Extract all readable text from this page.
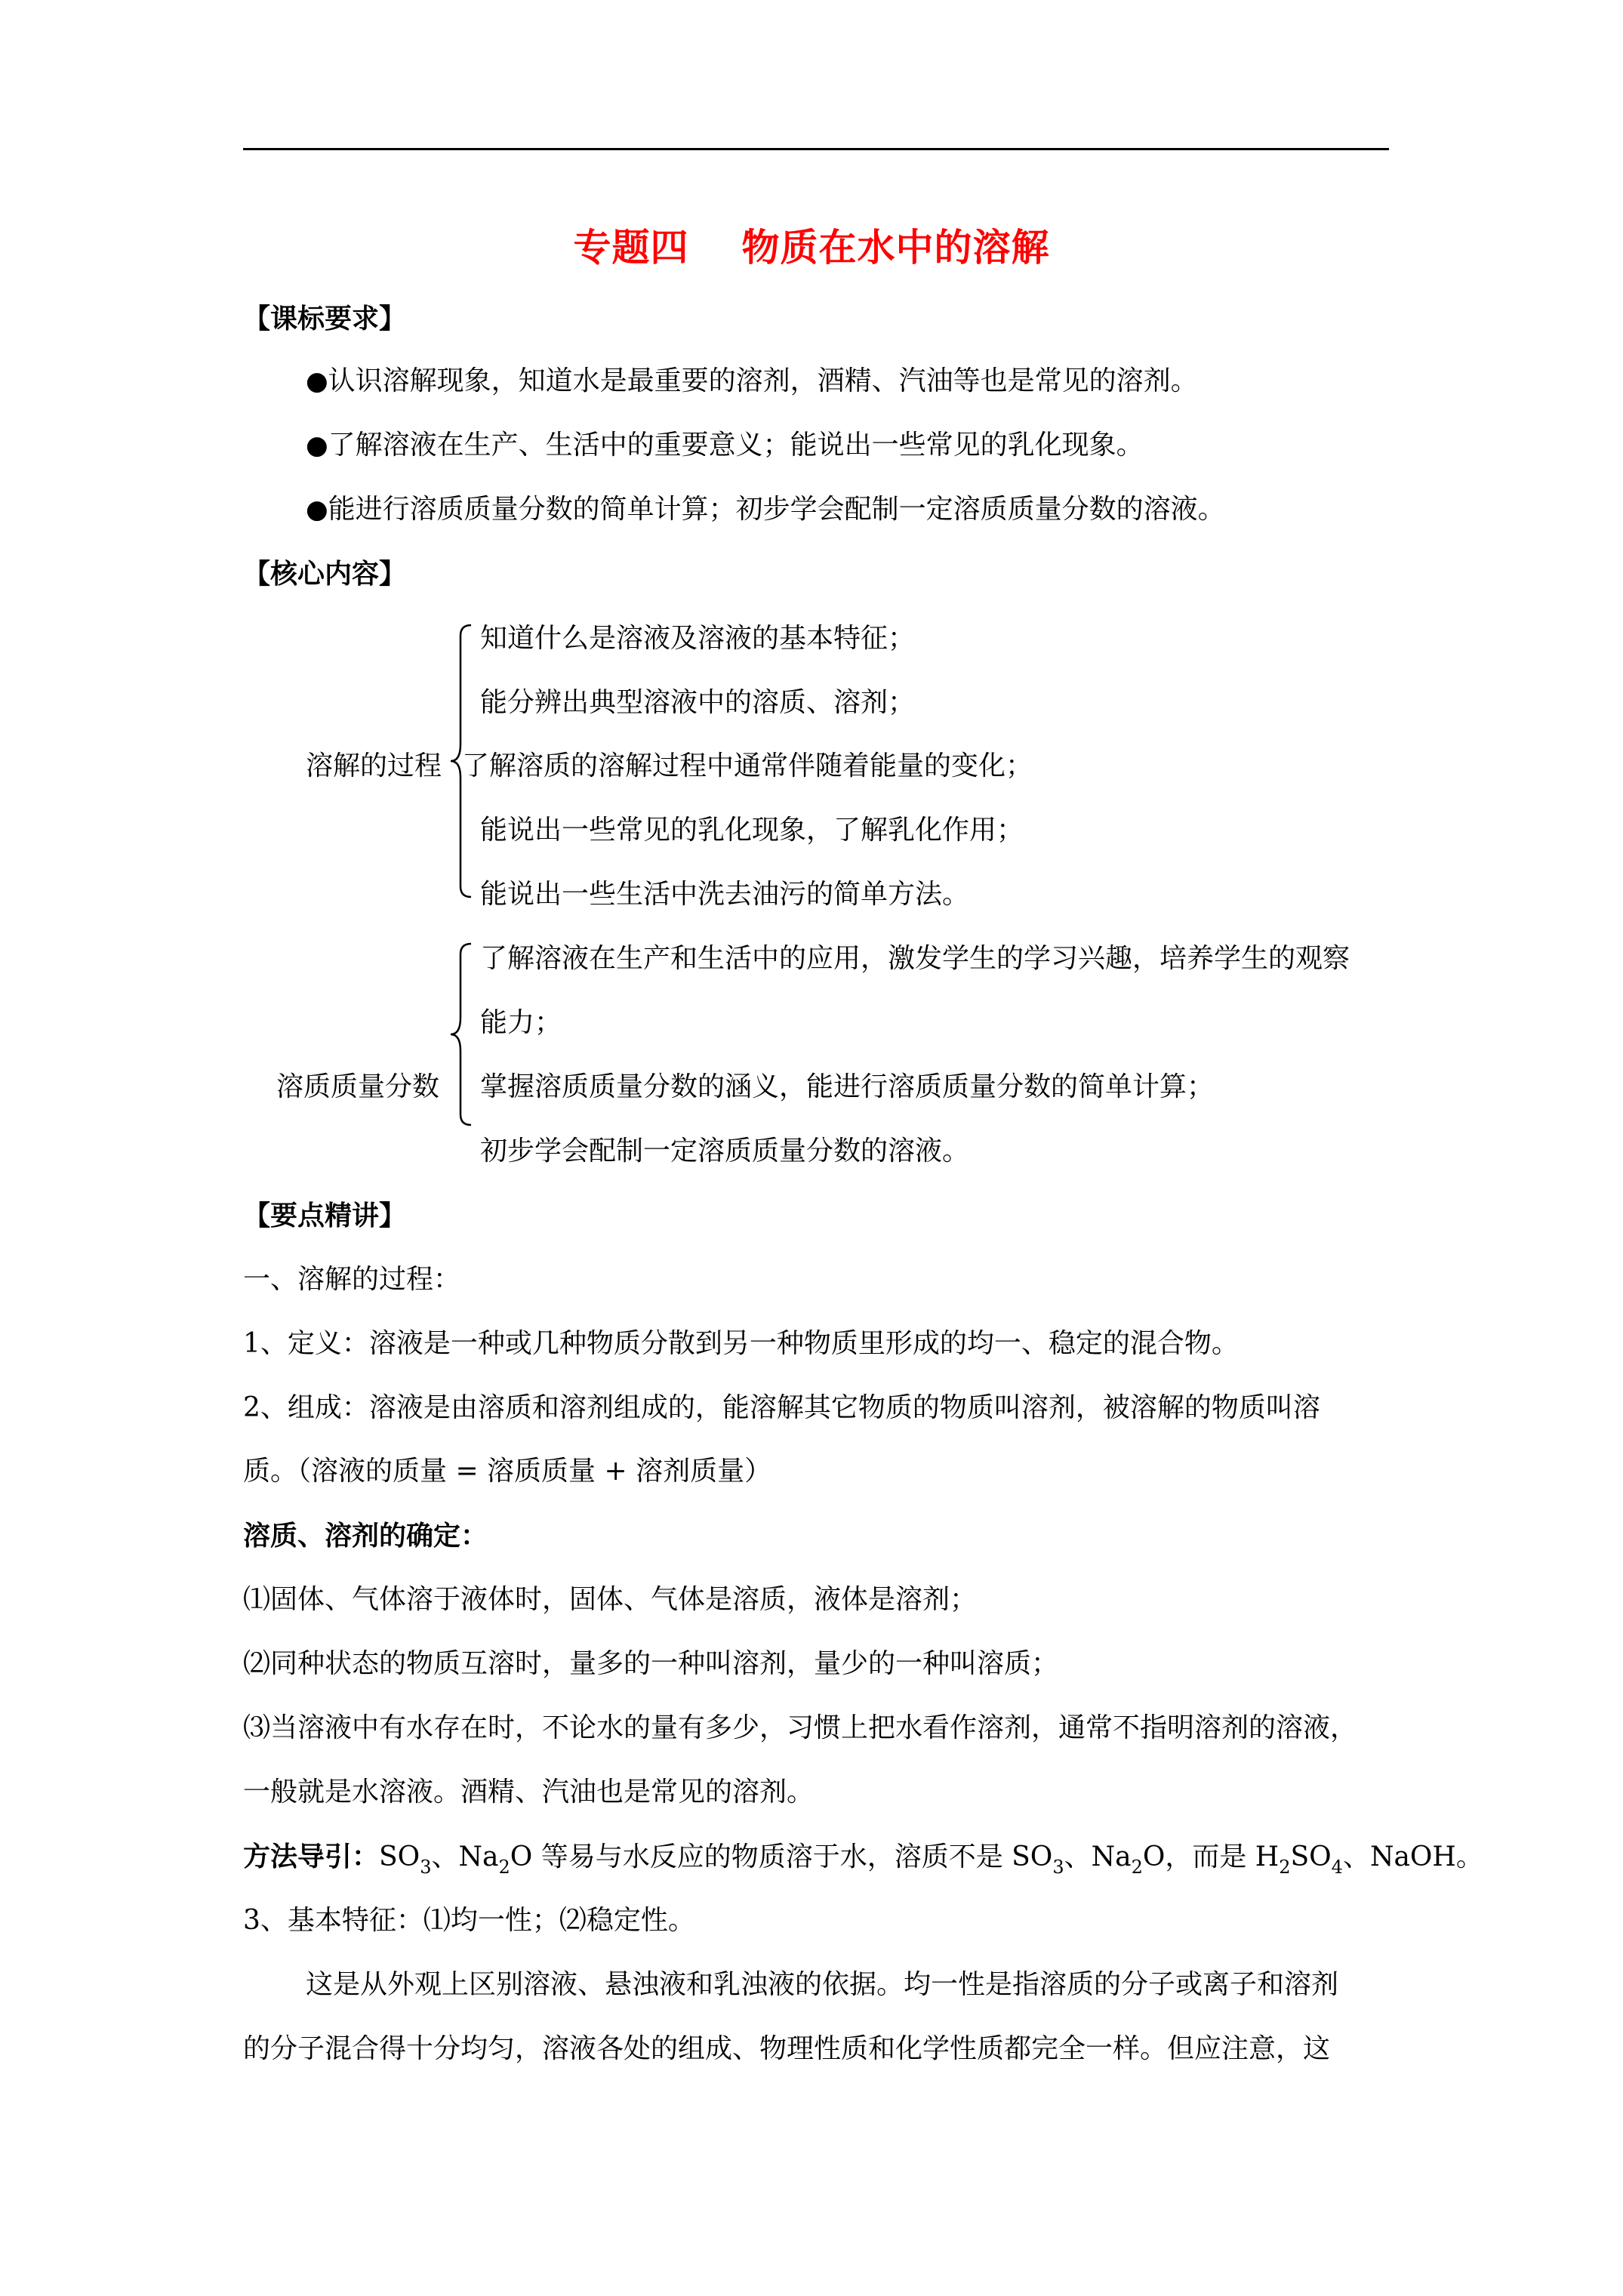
专题四 物质在水中的溶解
【课标要求】
●认识溶解现象，知道水是最重要的溶剂，酒精、汽油等也是常见的溶剂。
●了解溶液在生产、生活中的重要意义；能说出一些常见的乳化现象。
●能进行溶质质量分数的简单计算；初步学会配制一定溶质质量分数的溶液。
【核心内容】
溶解的过程
知道什么是溶液及溶液的基本特征；
能分辨出典型溶液中的溶质、溶剂；
了解溶质的溶解过程中通常伴随着能量的变化；
能说出一些常见的乳化现象，了解乳化作用；
能说出一些生活中洗去油污的简单方法。
溶质质量分数
了解溶液在生产和生活中的应用，激发学生的学习兴趣，培养学生的观察
能力；
掌握溶质质量分数的涵义，能进行溶质质量分数的简单计算；
初步学会配制一定溶质质量分数的溶液。
【要点精讲】
一、溶解的过程：
1、定义：溶液是一种或几种物质分散到另一种物质里形成的均一、稳定的混合物。
2、组成：溶液是由溶质和溶剂组成的，能溶解其它物质的物质叫溶剂，被溶解的物质叫溶
质。（溶液的质量 = 溶质质量 + 溶剂质量）
溶质、溶剂的确定：
⑴固体、气体溶于液体时，固体、气体是溶质，液体是溶剂；
⑵同种状态的物质互溶时，量多的一种叫溶剂，量少的一种叫溶质；
⑶当溶液中有水存在时，不论水的量有多少，习惯上把水看作溶剂，通常不指明溶剂的溶液，
一般就是水溶液。酒精、汽油也是常见的溶剂。
方法导引：$SO_3$、$Na_2O$ 等易与水反应的物质溶于水，溶质不是 $SO_3$、$Na_2O$，而是 $H_2SO_4$、NaOH。
3、基本特征：⑴均一性；⑵稳定性。
这是从外观上区别溶液、悬浊液和乳浊液的依据。均一性是指溶质的分子或离子和溶剂
的分子混合得十分均匀，溶液各处的组成、物理性质和化学性质都完全一样。但应注意，这
